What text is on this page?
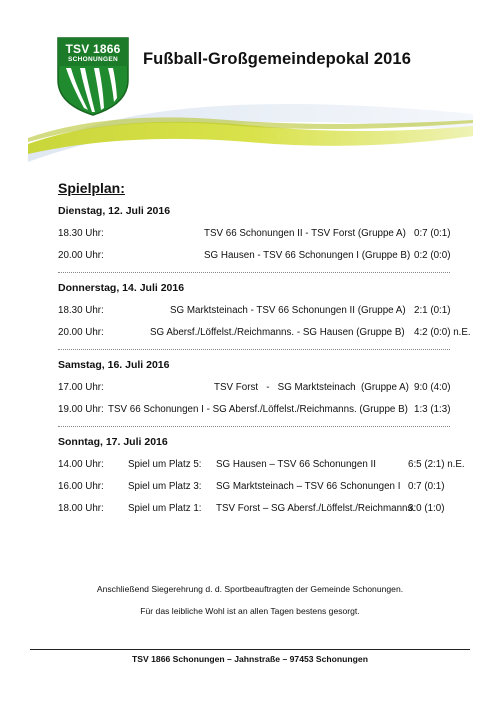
TSV 1866
SCHONUNGEN	Fußball-Großgemeindepokal 2016
Spielplan:
Dienstag, 12. Juli 2016
18.30 Uhr:	TSV 66 Schonungen II - TSV Forst (Gruppe A) 0:7 (0:1)
20.00 Uhr:	SG Hausen - TSV 66 Schonungen I (Gruppe B) 0:2 (0:0)
Donnerstag, 14. Juli 2016
18.30 Uhr:	SG Marktsteinach - TSV 66 Schonungen II (Gruppe A) 2:1 (0:1)
20.00 Uhr:	SG Abersf./Löffelst./Reichmanns. - SG Hausen (Gruppe B) 4:2 (0:0) n.E.
Samstag, 16. Juli 2016
17.00 Uhr:	TSV Forst   -   SG Marktsteinach  (Gruppe A) 9:0 (4:0)
19.00 Uhr: TSV 66 Schonungen I - SG Abersf./Löffelst./Reichmanns. (Gruppe B) 1:3 (1:3)
Sonntag, 17. Juli 2016
14.00 Uhr: Spiel um Platz 5: SG Hausen – TSV 66 Schonungen II	6:5 (2:1) n.E.
16.00 Uhr: Spiel um Platz 3: SG Marktsteinach – TSV 66 Schonungen I 0:7 (0:1)
18.00 Uhr: Spiel um Platz 1: TSV Forst – SG Abersf./Löffelst./Reichmanns.
3:0 (1:0)

Anschließend Siegerehrung d. d. Sportbeauftragten der Gemeinde Schonungen.

Für das leibliche Wohl ist an allen Tagen bestens gesorgt.

TSV 1866 Schonungen – Jahnstraße – 97453 Schonungen
